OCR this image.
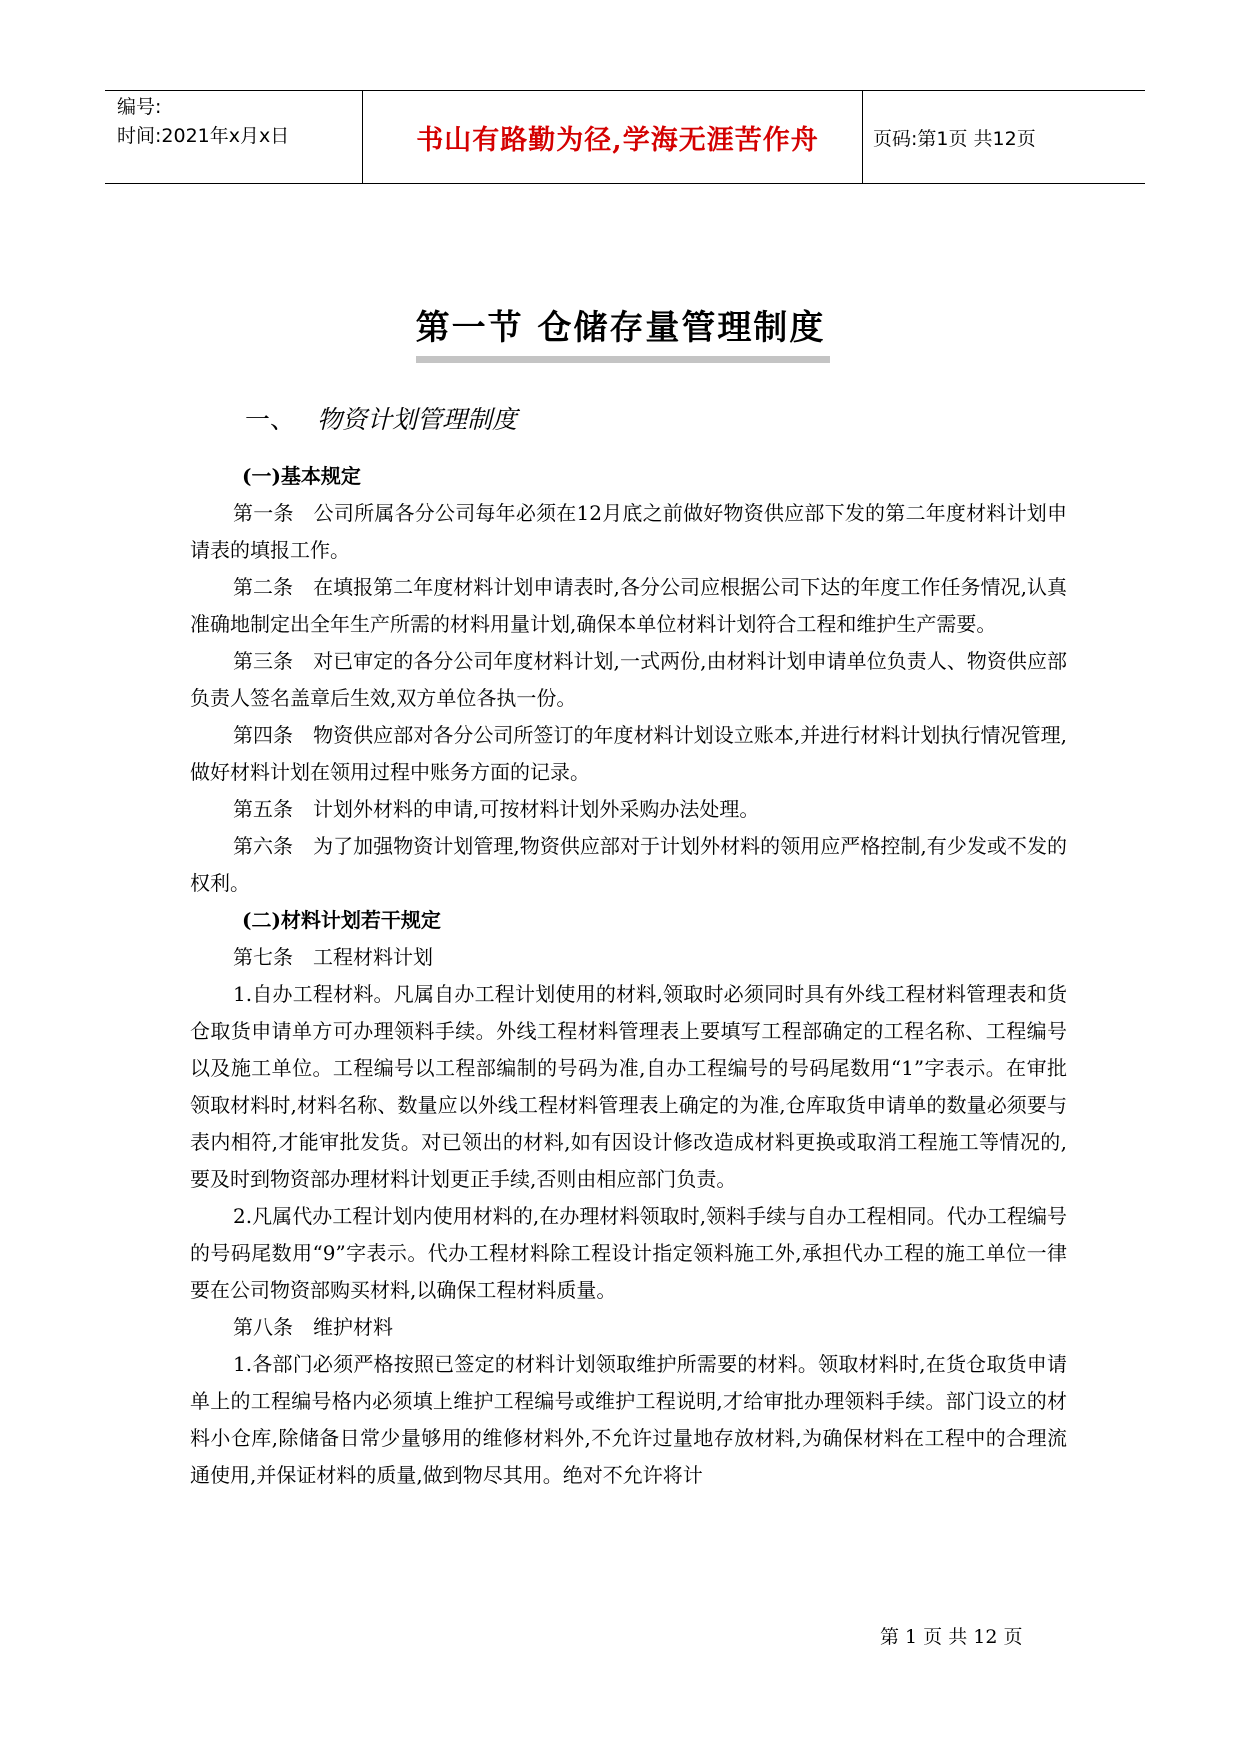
编号:
时间:2021年x月x日	书山有路勤为径,学海无涯苦作舟	页码:第1页 共12页
第一节 仓储存量管理制度
一、 物资计划管理制度

(一)基本规定

第一条 公司所属各分公司每年必须在12月底之前做好物资供应部下发的第二年度材料计划申请表的填报工作。

第二条 在填报第二年度材料计划申请表时,各分公司应根据公司下达的年度工作任务情况,认真准确地制定出全年生产所需的材料用量计划,确保本单位材料计划符合工程和维护生产需要。

第三条 对已审定的各分公司年度材料计划,一式两份,由材料计划申请单位负责人、物资供应部负责人签名盖章后生效,双方单位各执一份。

第四条 物资供应部对各分公司所签订的年度材料计划设立账本,并进行材料计划执行情况管理,做好材料计划在领用过程中账务方面的记录。

第五条 计划外材料的申请,可按材料计划外采购办法处理。

第六条 为了加强物资计划管理,物资供应部对于计划外材料的领用应严格控制,有少发或不发的权利。

(二)材料计划若干规定

第七条 工程材料计划

1.自办工程材料。凡属自办工程计划使用的材料,领取时必须同时具有外线工程材料管理表和货仓取货申请单方可办理领料手续。外线工程材料管理表上要填写工程部确定的工程名称、工程编号以及施工单位。工程编号以工程部编制的号码为准,自办工程编号的号码尾数用“1”字表示。在审批领取材料时,材料名称、数量应以外线工程材料管理表上确定的为准,仓库取货申请单的数量必须要与表内相符,才能审批发货。对已领出的材料,如有因设计修改造成材料更换或取消工程施工等情况的,要及时到物资部办理材料计划更正手续,否则由相应部门负责。

2.凡属代办工程计划内使用材料的,在办理材料领取时,领料手续与自办工程相同。代办工程编号的号码尾数用“9”字表示。代办工程材料除工程设计指定领料施工外,承担代办工程的施工单位一律要在公司物资部购买材料,以确保工程材料质量。

第八条 维护材料

1.各部门必须严格按照已签定的材料计划领取维护所需要的材料。领取材料时,在货仓取货申请单上的工程编号格内必须填上维护工程编号或维护工程说明,才给审批办理领料手续。部门设立的材料小仓库,除储备日常少量够用的维修材料外,不允许过量地存放材料,为确保材料在工程中的合理流通使用,并保证材料的质量,做到物尽其用。绝对不允许将计

第 1 页 共 12 页
